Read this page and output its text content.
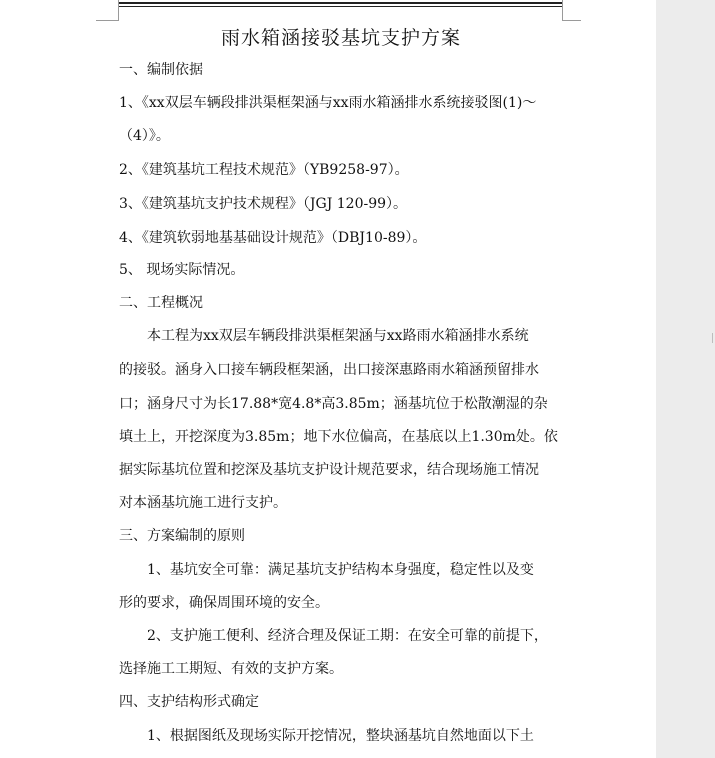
雨水箱涵接驳基坑支护方案
一、编制依据
1、《xx双层车辆段排洪渠框架涵与xx雨水箱涵排水系统接驳图(1)～
（4）》。
2、《建筑基坑工程技术规范》（YB9258-97）。
3、《建筑基坑支护技术规程》（JGJ 120-99）。
4、《建筑软弱地基基础设计规范》（DBJ10-89）。
5、 现场实际情况。
二、工程概况
本工程为xx双层车辆段排洪渠框架涵与xx路雨水箱涵排水系统
的接驳。涵身入口接车辆段框架涵，出口接深惠路雨水箱涵预留排水
口；涵身尺寸为长17.88*宽4.8*高3.85m；涵基坑位于松散潮湿的杂
填土上，开挖深度为3.85m；地下水位偏高，在基底以上1.30m处。依
据实际基坑位置和挖深及基坑支护设计规范要求，结合现场施工情况
对本涵基坑施工进行支护。
三、方案编制的原则
1、基坑安全可靠：满足基坑支护结构本身强度，稳定性以及变
形的要求，确保周围环境的安全。
2、支护施工便利、经济合理及保证工期：在安全可靠的前提下，
选择施工工期短、有效的支护方案。
四、支护结构形式确定
1、根据图纸及现场实际开挖情况，整块涵基坑自然地面以下土
